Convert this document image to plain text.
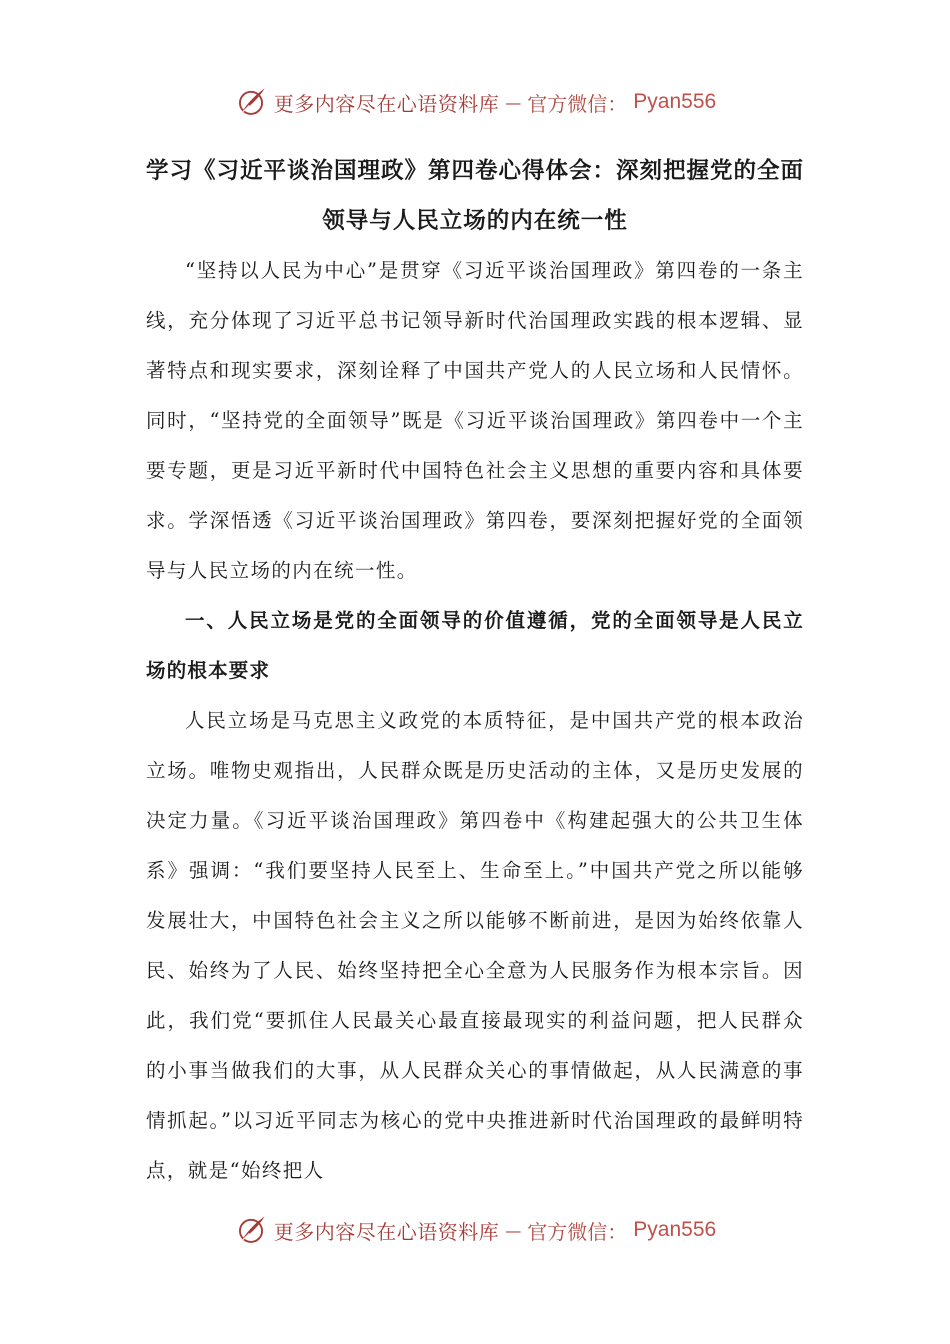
更多内容尽在心语资料库 — 官方微信： Pyan556
学习《习近平谈治国理政》第四卷心得体会：深刻把握党的全面领导与人民立场的内在统一性

“坚持以人民为中心”是贯穿《习近平谈治国理政》第四卷的一条主线，充分体现了习近平总书记领导新时代治国理政实践的根本逻辑、显著特点和现实要求，深刻诠释了中国共产党人的人民立场和人民情怀。同时，“坚持党的全面领导”既是《习近平谈治国理政》第四卷中一个主要专题，更是习近平新时代中国特色社会主义思想的重要内容和具体要求。学深悟透《习近平谈治国理政》第四卷，要深刻把握好党的全面领导与人民立场的内在统一性。

一、人民立场是党的全面领导的价值遵循，党的全面领导是人民立场的根本要求

人民立场是马克思主义政党的本质特征，是中国共产党的根本政治立场。唯物史观指出，人民群众既是历史活动的主体，又是历史发展的决定力量。《习近平谈治国理政》第四卷中《构建起强大的公共卫生体系》强调：“我们要坚持人民至上、生命至上。”中国共产党之所以能够发展壮大，中国特色社会主义之所以能够不断前进，是因为始终依靠人民、始终为了人民、始终坚持把全心全意为人民服务作为根本宗旨。因此，我们党“要抓住人民最关心最直接最现实的利益问题，把人民群众的小事当做我们的大事，从人民群众关心的事情做起，从人民满意的事情抓起。”以习近平同志为核心的党中央推进新时代治国理政的最鲜明特点，就是“始终把人

更多内容尽在心语资料库 — 官方微信： Pyan556
